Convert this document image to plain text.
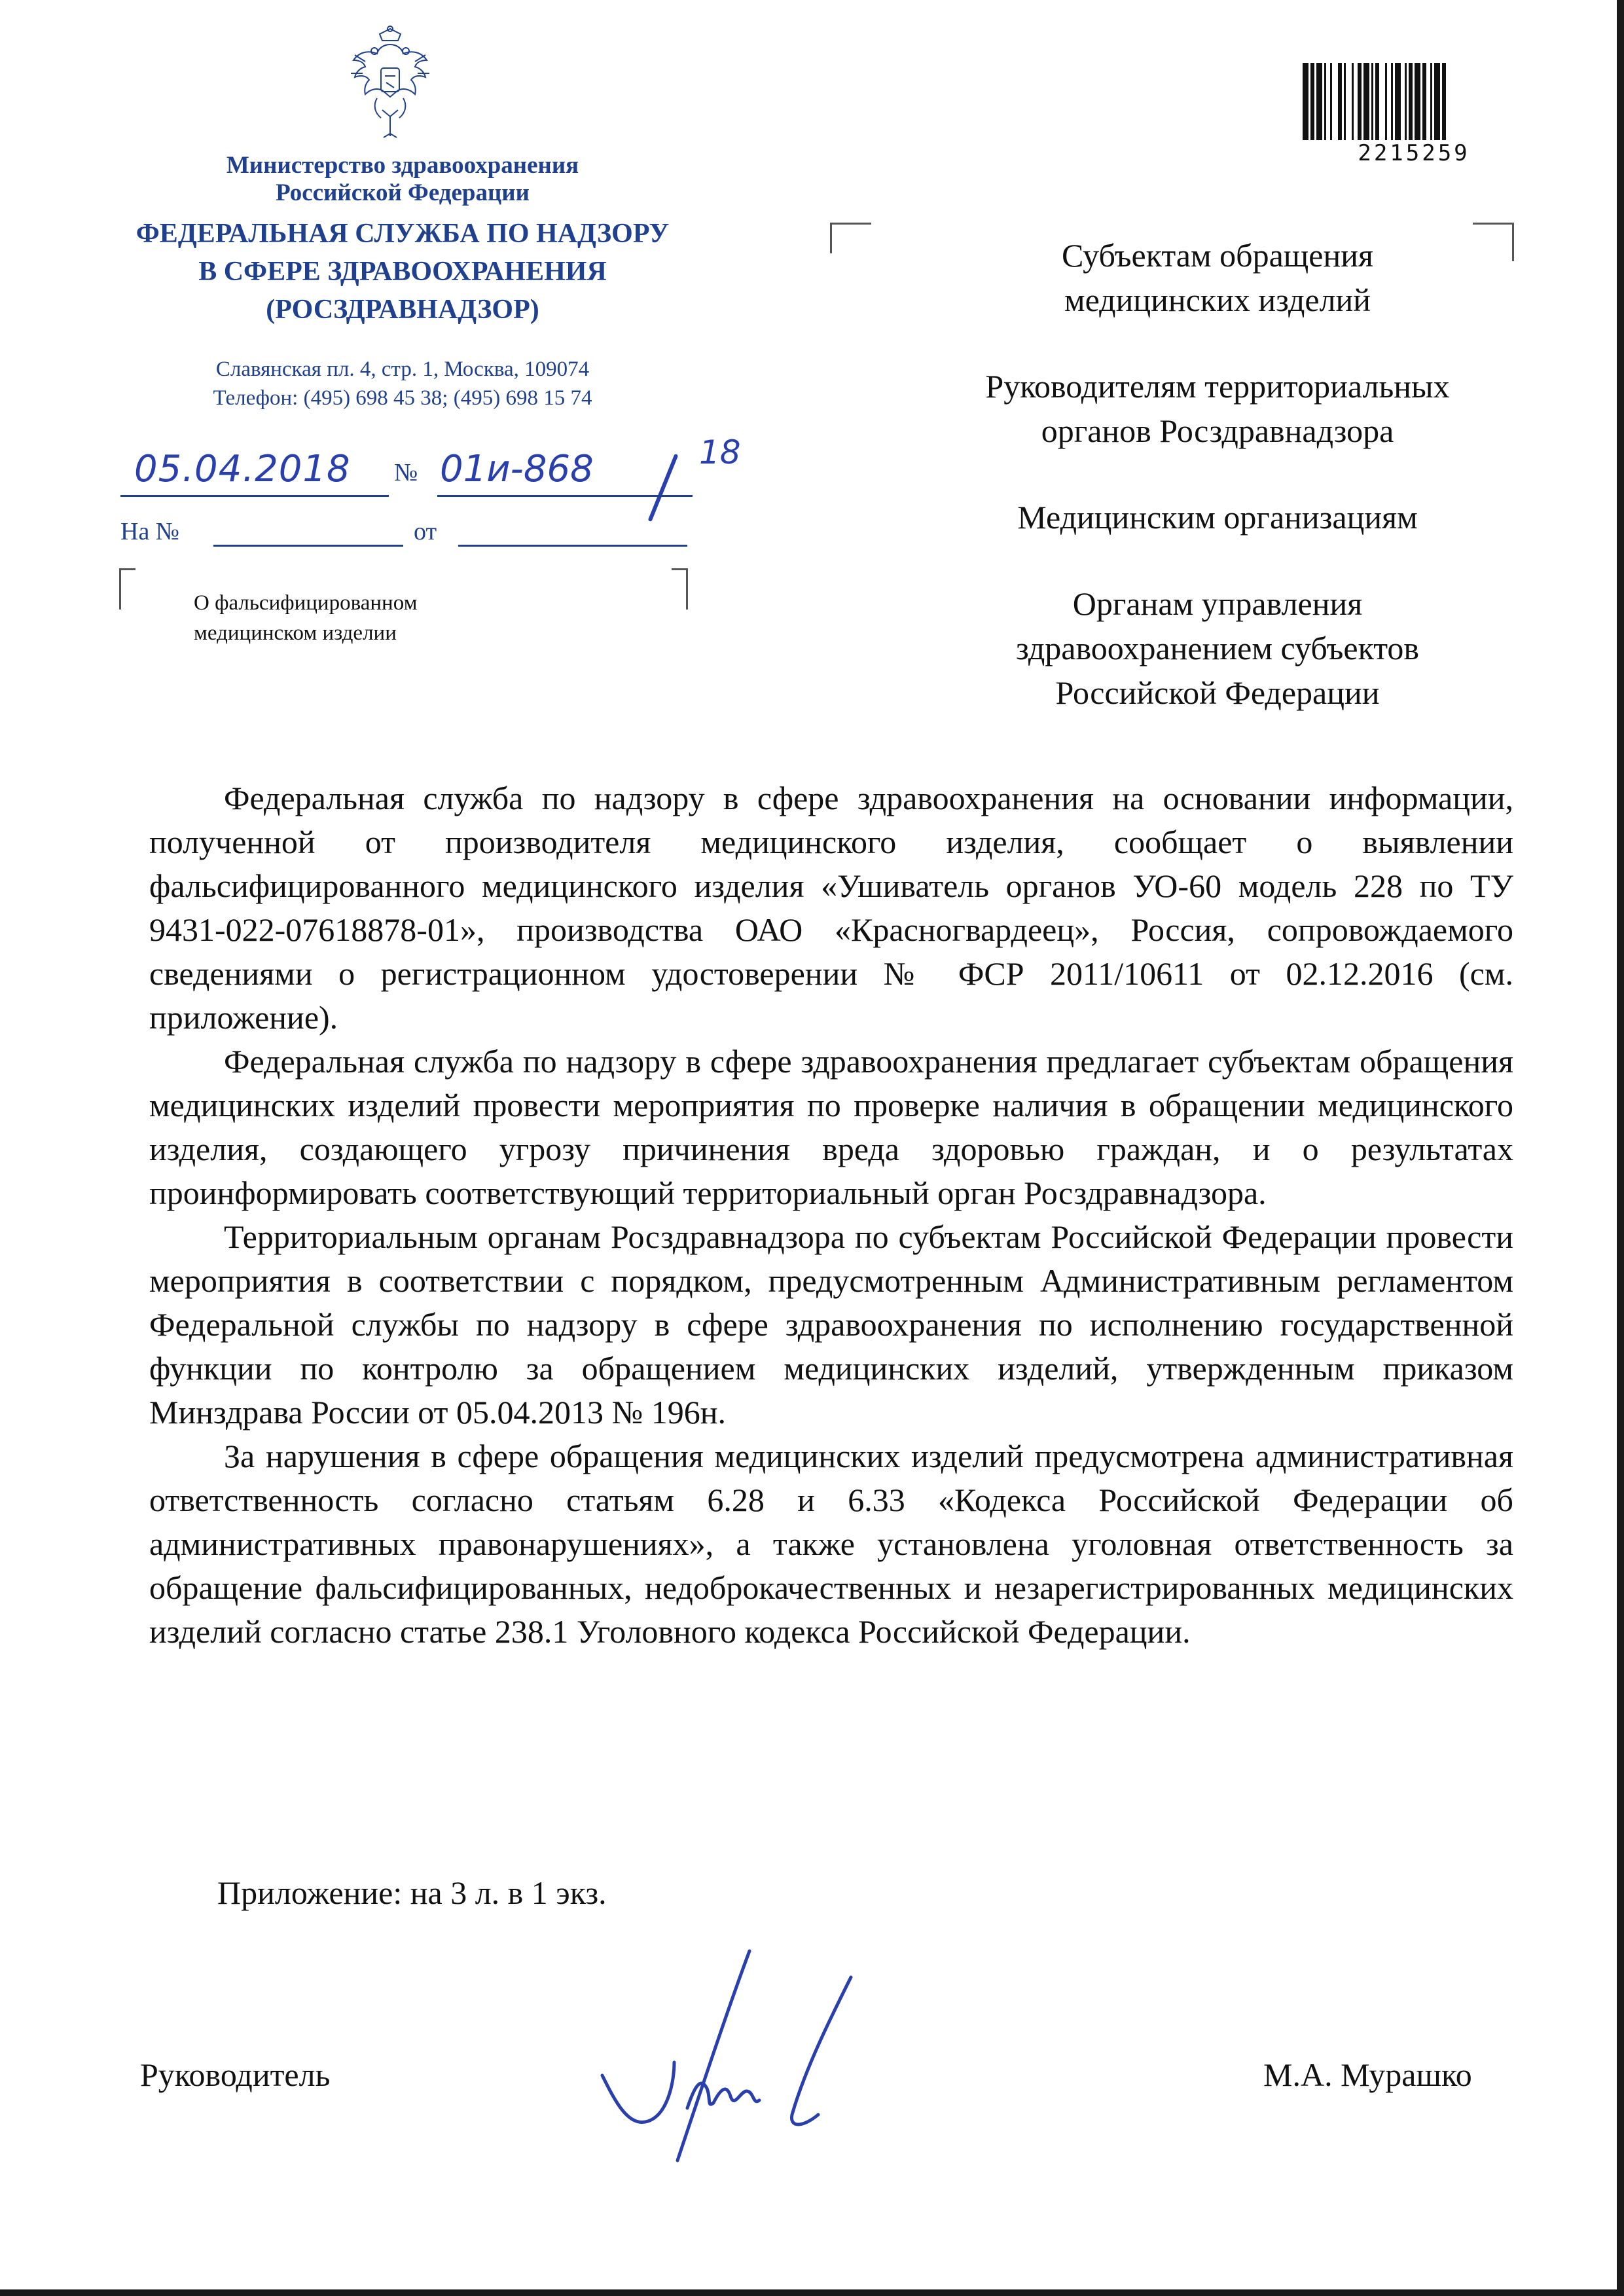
Министерство здравоохранения
Российской Федерации
ФЕДЕРАЛЬНАЯ СЛУЖБА ПО НАДЗОРУ
В СФЕРЕ ЗДРАВООХРАНЕНИЯ
(РОСЗДРАВНАДЗОР)
Славянская пл. 4, стр. 1, Москва, 109074
Телефон: (495) 698 45 38; (495) 698 15 74
05.04.2018 № 01и-868	18
На №	от
О фальсифицированном
медицинском изделии
2215259

Субъектам обращения
медицинских изделий

Руководителям территориальных
органов Росздравнадзора

Медицинским организациям

Органам управления
здравоохранением субъектов
Российской Федерации

Федеральная служба по надзору в сфере здравоохранения на основании информации, полученной от производителя медицинского изделия, сообщает о выявлении фальсифицированного медицинского изделия «Ушиватель органов УО-60 модель 228 по ТУ 9431-022-07618878-01», производства ОАО «Красногвардеец», Россия, сопровождаемого сведениями о регистрационном удостоверении № ФСР 2011/10611 от 02.12.2016 (см. приложение).

Федеральная служба по надзору в сфере здравоохранения предлагает субъектам обращения медицинских изделий провести мероприятия по проверке наличия в обращении медицинского изделия, создающего угрозу причинения вреда здоровью граждан, и о результатах проинформировать соответствующий территориальный орган Росздравнадзора.

Территориальным органам Росздравнадзора по субъектам Российской Федерации провести мероприятия в соответствии с порядком, предусмотренным Административным регламентом Федеральной службы по надзору в сфере здравоохранения по исполнению государственной функции по контролю за обращением медицинских изделий, утвержденным приказом Минздрава России от 05.04.2013 № 196н.

За нарушения в сфере обращения медицинских изделий предусмотрена административная ответственность согласно статьям 6.28 и 6.33 «Кодекса Российской Федерации об административных правонарушениях», а также установлена уголовная ответственность за обращение фальсифицированных, недоброкачественных и незарегистрированных медицинских изделий согласно статье 238.1 Уголовного кодекса Российской Федерации.

Приложение: на 3 л. в 1 экз.
Руководитель	М.А. Мурашко
